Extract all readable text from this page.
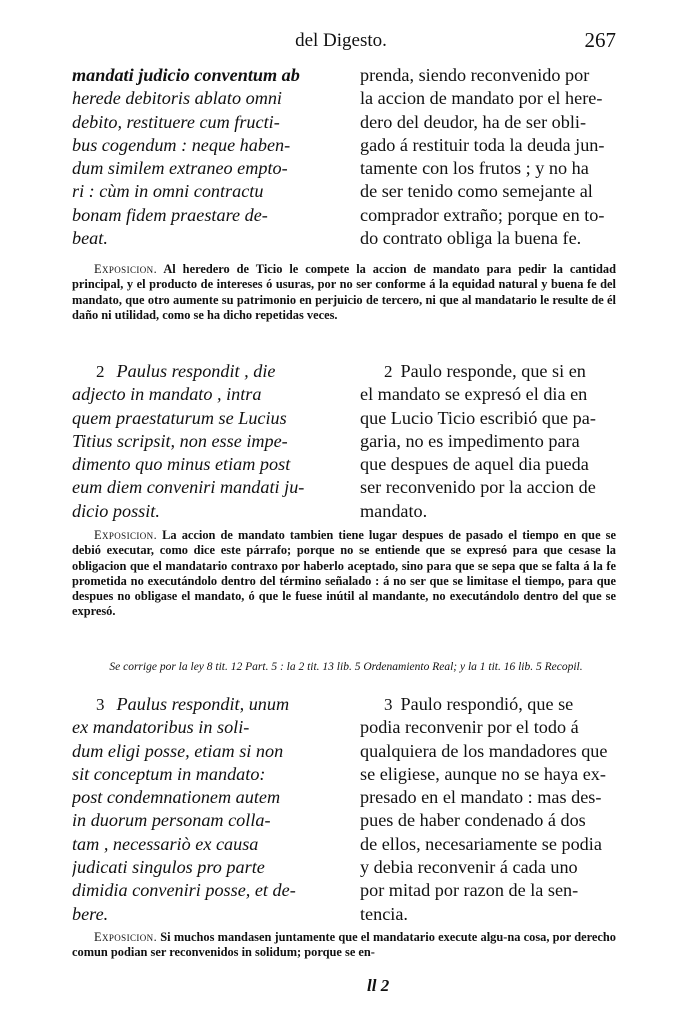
del Digesto.	267
mandati judicio conventum ab
herede debitoris ablato omni
debito, restituere cum fructi-
bus cogendum : neque haben-
dum similem extraneo empto-
ri : cùm in omni contractu
bonam fidem praestare de-
beat.
prenda, siendo reconvenido por
la accion de mandato por el here-
dero del deudor, ha de ser obli-
gado á restituir toda la deuda jun-
tamente con los frutos ; y no ha
de ser tenido como semejante al
comprador extraño; porque en to-
do contrato obliga la buena fe.
Exposicion. Al heredero de Ticio le compete la accion de mandato para pedir la cantidad principal, y el producto de intereses ó usuras, por no ser conforme á la equidad natural y buena fe del mandato, que otro aumente su patrimonio en perjuicio de tercero, ni que al mandatario le resulte de él daño ni utilidad, como se ha dicho repetidas veces.
2 Paulus respondit , die
adjecto in mandato , intra
quem praestaturum se Lucius
Titius scripsit, non esse impe-
dimento quo minus etiam post
eum diem conveniri mandati ju-
dicio possit.
2 Paulo responde, que si en
el mandato se expresó el dia en
que Lucio Ticio escribió que pa-
garia, no es impedimento para
que despues de aquel dia pueda
ser reconvenido por la accion de
mandato.
Exposicion. La accion de mandato tambien tiene lugar despues de pasado el tiempo en que se debió executar, como dice este párrafo; porque no se entiende que se expresó para que cesase la obligacion que el mandatario contraxo por haberlo aceptado, sino para que se sepa que se falta á la fe prometida no executándolo dentro del término señalado : á no ser que se limitase el tiempo, para que despues no obligase el mandato, ó que le fuese inútil al mandante, no executándolo dentro del que se expresó.
Se corrige por la ley 8 tit. 12 Part. 5 : la 2 tit. 13 lib. 5 Ordenamiento Real; y la 1 tit. 16 lib. 5 Recopil.
3 Paulus respondit, unum
ex mandatoribus in soli-
dum eligi posse, etiam si non
sit conceptum in mandato:
post condemnationem autem
in duorum personam colla-
tam , necessariò ex causa
judicati singulos pro parte
dimidia conveniri posse, et de-
bere.
3 Paulo respondió, que se
podia reconvenir por el todo á
qualquiera de los mandadores que
se eligiese, aunque no se haya ex-
presado en el mandato : mas des-
pues de haber condenado á dos
de ellos, necesariamente se podia
y debia reconvenir á cada uno
por mitad por razon de la sen-
tencia.
Exposicion. Si muchos mandasen juntamente que el mandatario execute algu-na cosa, por derecho comun podian ser reconvenidos in solidum; porque se en-
ll 2
